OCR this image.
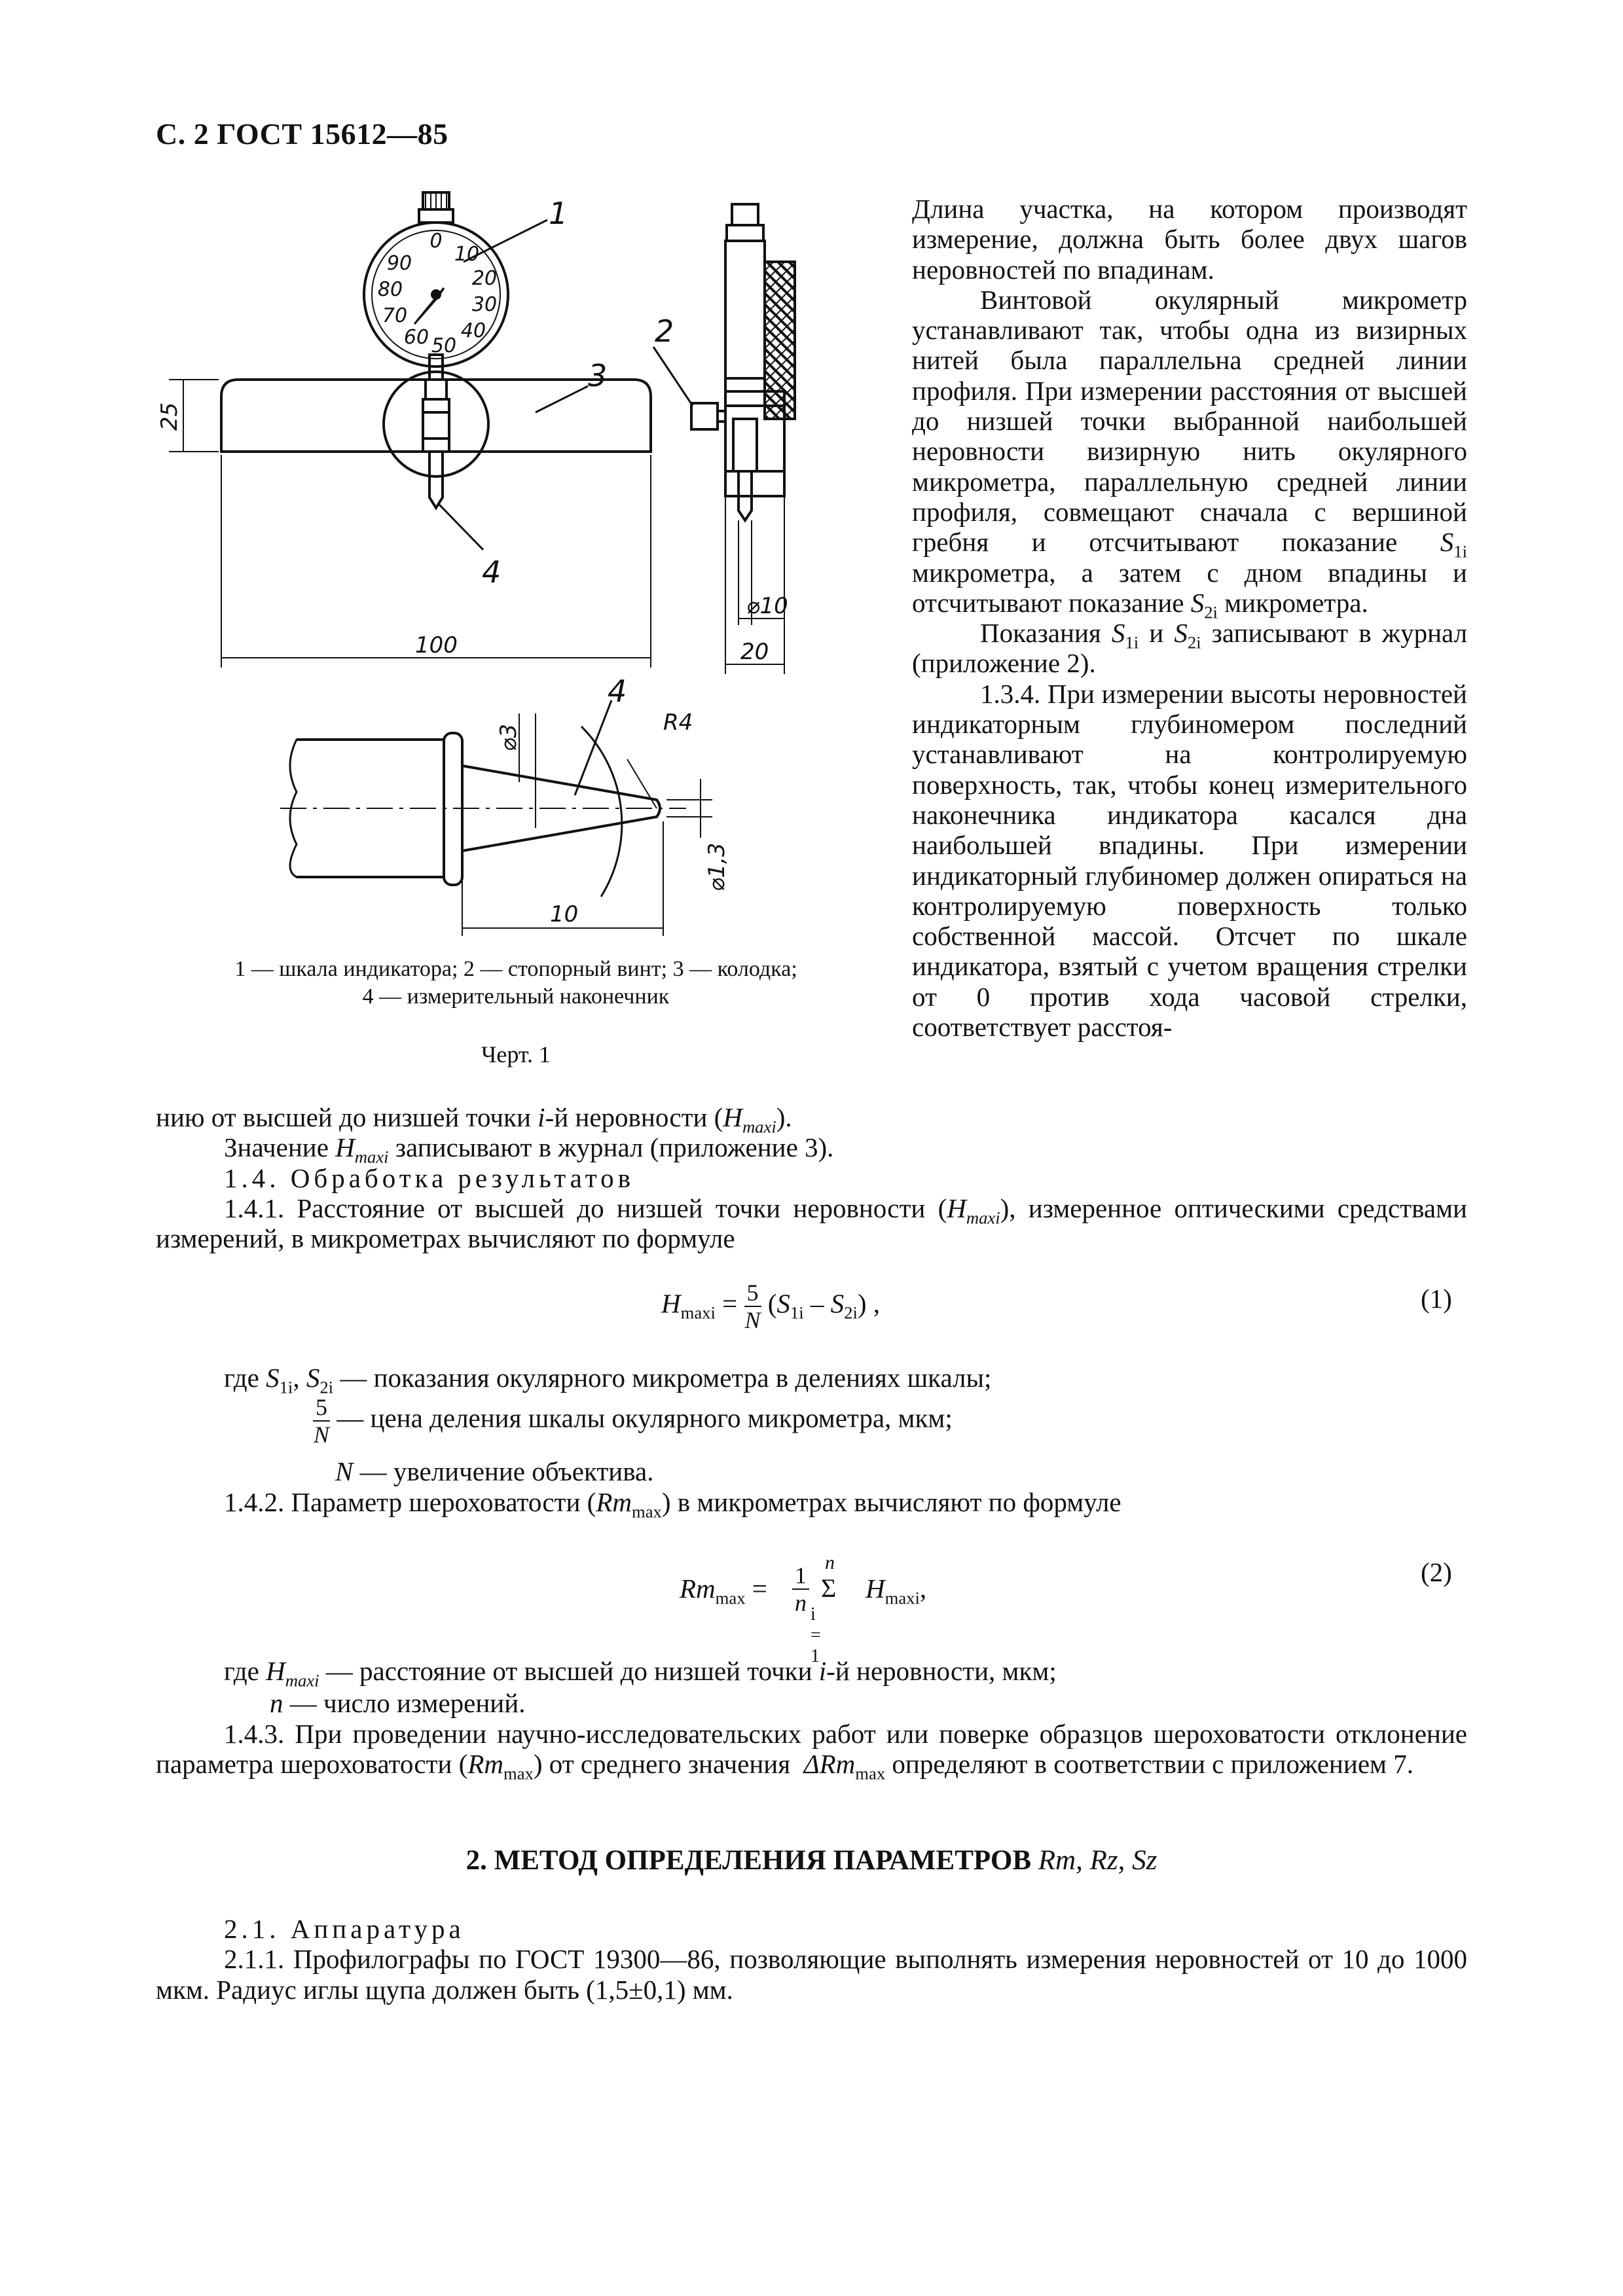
С. 2 ГОСТ 15612—85
0
10
20
30
40
50
60
70
80
90
1
3
2
4
25
100	20
⌀10
4
⌀3
R4
⌀1,3
10
1 — шкала индикатора; 2 — стопорный винт; 3 — колодка;
4 — измерительный наконечник
Черт. 1

Длина участка, на котором производят измерение, должна быть более двух шагов неровностей по впадинам.

Винтовой окулярный микрометр устанавливают так, чтобы одна из визирных нитей была параллельна средней линии профиля. При измерении расстояния от высшей до низшей точки выбранной наибольшей неровности визирную нить окулярного микрометра, параллельную средней линии профиля, совмещают сначала с вершиной гребня и отсчитывают показание $S_{1i}$ микрометра, а затем с дном впадины и отсчитывают показание $S_{2i}$ микрометра.

Показания $S_{1i}$ и $S_{2i}$ записывают в журнал (приложение 2).

1.3.4. При измерении высоты неровностей индикаторным глубиномером последний устанавливают на контролируемую поверхность, так, чтобы конец измерительного наконечника индикатора касался дна наибольшей впадины. При измерении индикаторный глубиномер должен опираться на контролируемую поверхность только собственной массой. Отсчет по шкале индикатора, взятый с учетом вращения стрелки от 0 против хода часовой стрелки, соответствует расстоя-

нию от высшей до низшей точки i-й неровности $(H_{maxi})$.

Значение $H_{maxi}$ записывают в журнал (приложение 3).

1.4. Обработка результатов

1.4.1. Расстояние от высшей до низшей точки неровности $(H_{maxi})$, измеренное оптическими средствами измерений, в микрометрах вычисляют по формуле

$H_{maxi} = \frac{5}{N} (S_{1i} - S_{2i})$ ,	(1)

где $S_{1i}$, $S_{2i}$ — показания окулярного микрометра в делениях шкалы;

$\frac{5}{N}$ — цена деления шкалы окулярного микрометра, мкм;
N — увеличение объектива.

1.4.2. Параметр шероховатости $(Rm_{max})$ в микрометрах вычисляют по формуле

$Rm_{max} = \frac{1}{n}$ n
Σ
i = 1
$H_{maxi}$,
(2)

где $H_{maxi}$ — расстояние от высшей до низшей точки i-й неровности, мкм;

n — число измерений.

1.4.3. При проведении научно-исследовательских работ или поверке образцов шероховатости отклонение параметра шероховатости $(Rm_{max})$ от среднего значения ΔRm$_{max}$ определяют в соответствии с приложением 7.

2. МЕТОД ОПРЕДЕЛЕНИЯ ПАРАМЕТРОВ Rm, Rz, Sz

2.1. Аппаратура

2.1.1. Профилографы по ГОСТ 19300—86, позволяющие выполнять измерения неровностей от 10 до 1000 мкм. Радиус иглы щупа должен быть (1,5±0,1) мм.
